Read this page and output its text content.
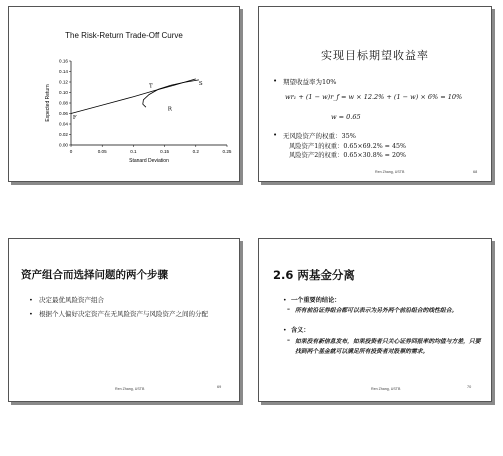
The Risk-Return Trade-Off Curve
0	0.05	0.1	0.15	0.2	0.25
0.00
0.02
0.04
0.06
0.08
0.10
0.12
0.14
0.16
Stanard Deviation
Expected Return	F
T	S
R
实现目标期望收益率
• 期望收益率为10%
wr₁ + (1 − w)r_f = w × 12.2% + (1 − w) × 6% = 10%
w = 0.65
• 无风险资产的权重：35%
风险资产1的权重：0.65×69.2% = 45%
风险资产2的权重：0.65×30.8% = 20%
Ren Zhang, USTB	68
资产组合而选择问题的两个步骤
• 决定最优风险资产组合
• 根据个人偏好决定资产在无风险资产与风险资产之间的分配
Ren Zhang, USTB	69
2.6 两基金分离
• 一个重要的结论：
– 所有前沿证券组合都可以表示为另外两个前沿组合的线性组合。
• 含义：
– 如果没有新信息发布，如果投资者只关心证券回报率的均值与方差，只要找到两个基金就可以满足所有投资者对股票的需求。
Ren Zhang, USTB	70
